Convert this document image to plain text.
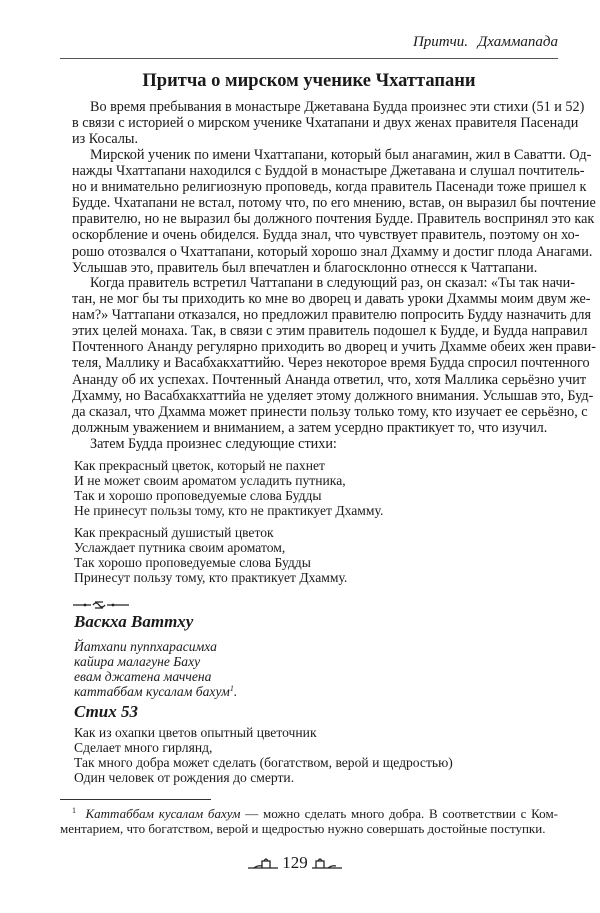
Притчи. Дхаммапада
Притча о мирском ученике Чхаттапани
Во время пребывания в монастыре Джетавана Будда произнес эти стихи (51 и 52)
в связи с историей о мирском ученике Чхатапани и двух женах правителя Пасенади
из Косалы.
Мирской ученик по имени Чхаттапани, который был анагамин, жил в Саватти. Од-
нажды Чхаттапани находился с Буддой в монастыре Джетавана и слушал почтитель-
но и внимательно религиозную проповедь, когда правитель Пасенади тоже пришел к
Будде. Чхатапани не встал, потому что, по его мнению, встав, он выразил бы почтение
правителю, но не выразил бы должного почтения Будде. Правитель воспринял это как
оскорбление и очень обиделся. Будда знал, что чувствует правитель, поэтому он хо-
рошо отозвался о Чхаттапани, который хорошо знал Дхамму и достиг плода Анагами.
Услышав это, правитель был впечатлен и благосклонно отнесся к Чаттапани.
Когда правитель встретил Чаттапани в следующий раз, он сказал: «Ты так начи-
тан, не мог бы ты приходить ко мне во дворец и давать уроки Дхаммы моим двум же-
нам?» Чаттапани отказался, но предложил правителю попросить Будду назначить для
этих целей монаха. Так, в связи с этим правитель подошел к Будде, и Будда направил
Почтенного Ананду регулярно приходить во дворец и учить Дхамме обеих жен прави-
теля, Маллику и Васабхакхаттийю. Через некоторое время Будда спросил почтенного
Ананду об их успехах. Почтенный Ананда ответил, что, хотя Маллика серьёзно учит
Дхамму, но Васабхакхаттийа не уделяет этому должного внимания. Услышав это, Буд-
да сказал, что Дхамма может принести пользу только тому, кто изучает ее серьёзно, с
должным уважением и вниманием, а затем усердно практикует то, что изучил.
Затем Будда произнес следующие стихи:
Как прекрасный цветок, который не пахнет
И не может своим ароматом усладить путника,
Так и хорошо проповедуемые слова Будды
Не принесут пользы тому, кто не практикует Дхамму.
Как прекрасный душистый цветок
Услаждает путника своим ароматом,
Так хорошо проповедуемые слова Будды
Принесут пользу тому, кто практикует Дхамму.
Васкха Ваттху
Йатхапи пуппхарасимха
кайира малагуне Баху
евам джатена маччена
каттаббам кусалам бахум$^1$.
Стих 53
Как из охапки цветов опытный цветочник
Сделает много гирлянд,
Так много добра может сделать (богатством, верой и щедростью)
Один человек от рождения до смерти.
$^1$ Каттаббам кусалам бахум — можно сделать много добра. В соответствии с Ком-
ментарием, что богатством, верой и щедростью нужно совершать достойные поступки.
129
